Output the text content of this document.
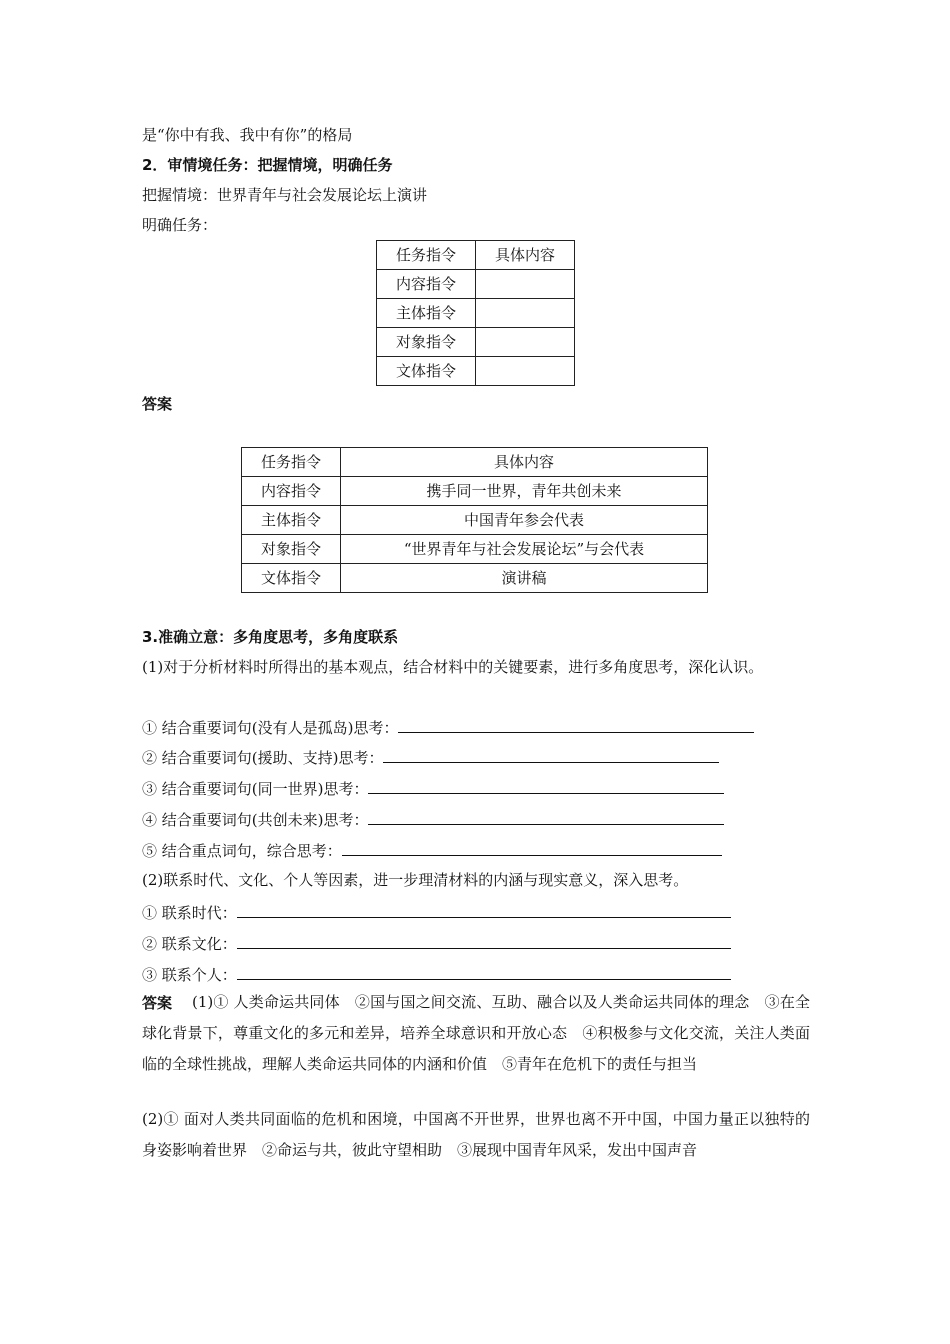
是“你中有我、我中有你”的格局
2．审情境任务：把握情境，明确任务
把握情境：世界青年与社会发展论坛上演讲
明确任务：
任务指令	具体内容
内容指令	
主体指令	
对象指令	
文体指令	
答案
任务指令	具体内容
内容指令	携手同一世界，青年共创未来
主体指令	中国青年参会代表
对象指令	“世界青年与社会发展论坛”与会代表
文体指令	演讲稿
3.准确立意：多角度思考，多角度联系
(1)对于分析材料时所得出的基本观点，结合材料中的关键要素，进行多角度思考，深化认识。
① 结合重要词句(没有人是孤岛)思考：
② 结合重要词句(援助、支持)思考：
③ 结合重要词句(同一世界)思考：
④ 结合重要词句(共创未来)思考：
⑤ 结合重点词句，综合思考：
(2)联系时代、文化、个人等因素，进一步理清材料的内涵与现实意义，深入思考。
① 联系时代：
② 联系文化：
③ 联系个人：
(1)① 人类命运共同体　②国与国之间交流、互助、融合以及人类命运共同体的理念　③在全球化背景下，尊重文化的多元和差异，培养全球意识和开放心态　④积极参与文化交流，关注人类面临的全球性挑战，理解人类命运共同体的内涵和价值　⑤青年在危机下的责任与担当
答案
(2)① 面对人类共同面临的危机和困境，中国离不开世界，世界也离不开中国，中国力量正以独特的身姿影响着世界　②命运与共，彼此守望相助　③展现中国青年风采，发出中国声音
